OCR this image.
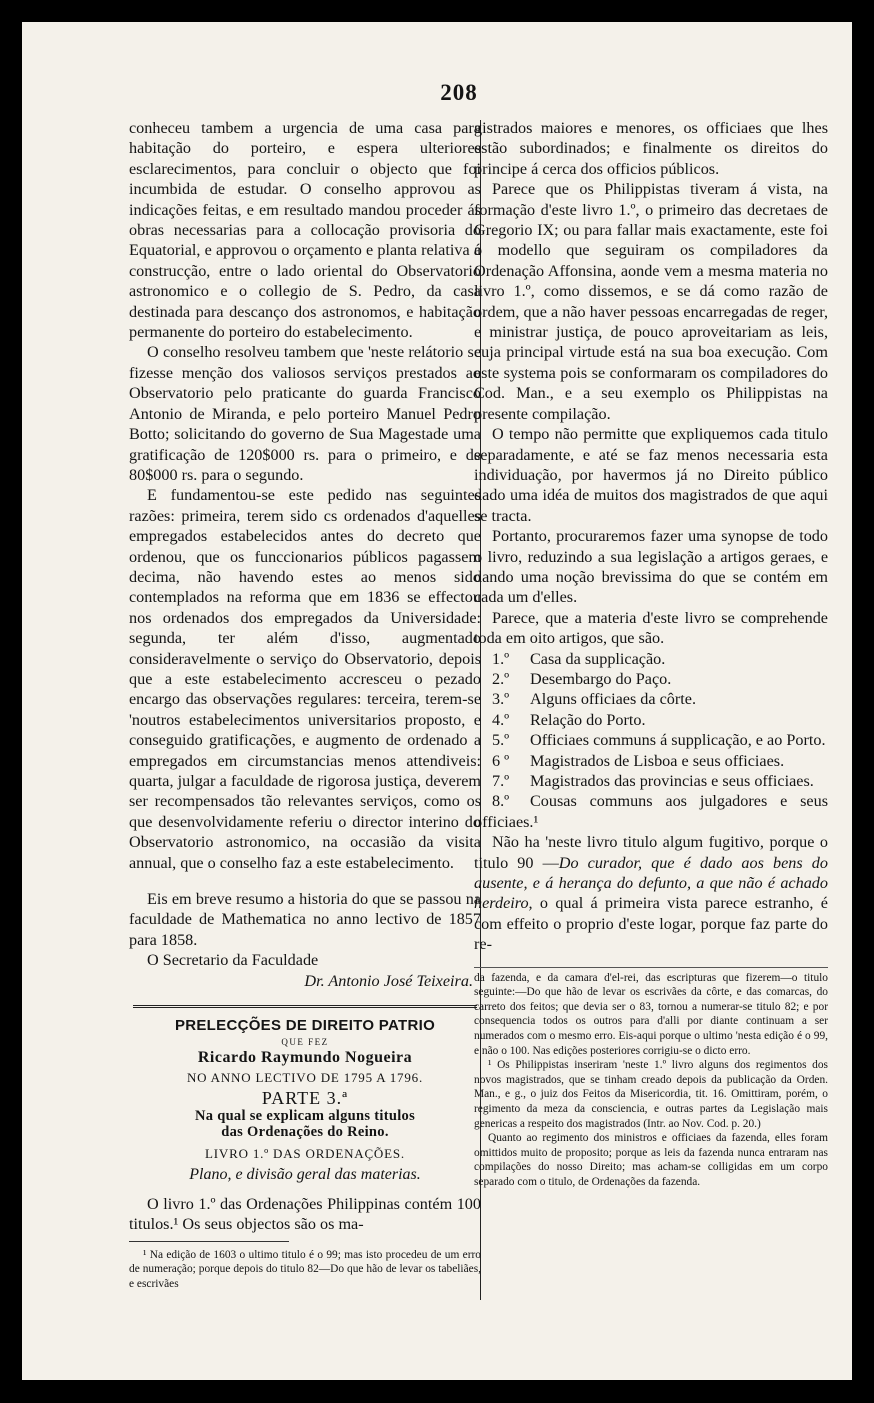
208

conheceu tambem a urgencia de uma casa para habitação do porteiro, e espera ulteriores esclarecimentos, para concluir o objecto que foi incumbida de estudar. O conselho approvou as indicações feitas, e em resultado mandou proceder ás obras necessarias para a collocação provisoria do Equatorial, e approvou o orçamento e planta relativa á construcção, entre o lado oriental do Observatorio astronomico e o collegio de S. Pedro, da casa destinada para descanço dos astronomos, e habitação permanente do porteiro do estabelecimento.

O conselho resolveu tambem que 'neste relátorio se fizesse menção dos valiosos serviços prestados ao Observatorio pelo praticante do guarda Francisco Antonio de Miranda, e pelo porteiro Manuel Pedro Botto; solicitando do governo de Sua Magestade uma gratificação de 120$000 rs. para o primeiro, e de 80$000 rs. para o segundo.

E fundamentou-se este pedido nas seguintes razões: primeira, terem sido cs ordenados d'aquelles empregados estabelecidos antes do decreto que ordenou, que os funccionarios públicos pagassem decima, não havendo estes ao menos sido contemplados na reforma que em 1836 se effectou nos ordenados dos empregados da Universidade: segunda, ter além d'isso, augmentado consideravelmente o serviço do Observatorio, depois que a este estabelecimento accresceu o pezado encargo das observações regulares: terceira, terem-se 'noutros estabelecimentos universitarios proposto, e conseguido gratificações, e augmento de ordenado a empregados em circumstancias menos attendiveis: quarta, julgar a faculdade de rigorosa justiça, deverem ser recompensados tão relevantes serviços, como os que desenvolvidamente referiu o director interino do Observatorio astronomico, na occasião da visita annual, que o conselho faz a este estabelecimento.

Eis em breve resumo a historia do que se passou na faculdade de Mathematica no anno lectivo de 1857 para 1858.

O Secretario da Faculdade

Dr. Antonio José Teixeira.

PRELECÇÕES DE DIREITO PATRIO
QUE FEZ
Ricardo Raymundo Nogueira
NO ANNO LECTIVO DE 1795 A 1796.
PARTE 3.ª
Na qual se explicam alguns titulos
das Ordenações do Reino.
LIVRO 1.º DAS ORDENAÇÕES.
Plano, e divisão geral das materias.

O livro 1.º das Ordenações Philippinas contém 100 titulos.¹ Os seus objectos são os ma-

¹ Na edição de 1603 o ultimo titulo é o 99; mas isto procedeu de um erro de numeração; porque depois do titulo 82—Do que hão de levar os tabeliães, e escrivães

gistrados maiores e menores, os officiaes que lhes estão subordinados; e finalmente os direitos do principe á cerca dos officios públicos.

Parece que os Philippistas tiveram á vista, na formação d'este livro 1.º, o primeiro das decretaes de Gregorio IX; ou para fallar mais exactamente, este foi o modello que seguiram os compiladores da Ordenação Affonsina, aonde vem a mesma materia no livro 1.º, como dissemos, e se dá como razão de ordem, que a não haver pessoas encarregadas de reger, e ministrar justiça, de pouco aproveitariam as leis, cuja principal virtude está na sua boa execução. Com este systema pois se conformaram os compiladores do Cod. Man., e a seu exemplo os Philippistas na presente compilação.

O tempo não permitte que expliquemos cada titulo separadamente, e até se faz menos necessaria esta individuação, por havermos já no Direito público dado uma idéa de muitos dos magistrados de que aqui se tracta.

Portanto, procuraremos fazer uma synopse de todo o livro, reduzindo a sua legislação a artigos geraes, e dando uma noção brevissima do que se contém em cada um d'elles.

Parece, que a materia d'este livro se comprehende toda em oito artigos, que são.

1.º Casa da supplicação.
2.º Desembargo do Paço.
3.º Alguns officiaes da côrte.
4.º Relação do Porto.
5.º Officiaes communs á supplicação, e ao Porto.
6 º Magistrados de Lisboa e seus officiaes.
7.º Magistrados das provincias e seus officiaes.
8.º Cousas communs aos julgadores e seus officiaes.¹

Não ha 'neste livro titulo algum fugitivo, porque o titulo 90 —Do curador, que é dado aos bens do ausente, e á herança do defunto, a que não é achado herdeiro, o qual á primeira vista parece estranho, é com effeito o proprio d'este logar, porque faz parte do re-

da fazenda, e da camara d'el-rei, das escripturas que fizerem—o titulo seguinte:—Do que hão de levar os escrivães da côrte, e das comarcas, do carreto dos feitos; que devia ser o 83, tornou a numerar-se titulo 82; e por consequencia todos os outros para d'alli por diante continuam a ser numerados com o mesmo erro. Eis-aqui porque o ultimo 'nesta edição é o 99, e não o 100. Nas edições posteriores corrigiu-se o dicto erro.

¹ Os Philippistas inseriram 'neste 1.º livro alguns dos regimentos dos novos magistrados, que se tinham creado depois da publicação da Orden. Man., e g., o juiz dos Feitos da Misericordia, tit. 16. Omittiram, porém, o regimento da meza da consciencia, e outras partes da Legislação mais genericas a respeito dos magistrados (Intr. ao Nov. Cod. p. 20.)

Quanto ao regimento dos ministros e officiaes da fazenda, elles foram omittidos muito de proposito; porque as leis da fazenda nunca entraram nas compilações do nosso Direito; mas acham-se colligidas em um corpo separado com o titulo, de Ordenações da fazenda.
